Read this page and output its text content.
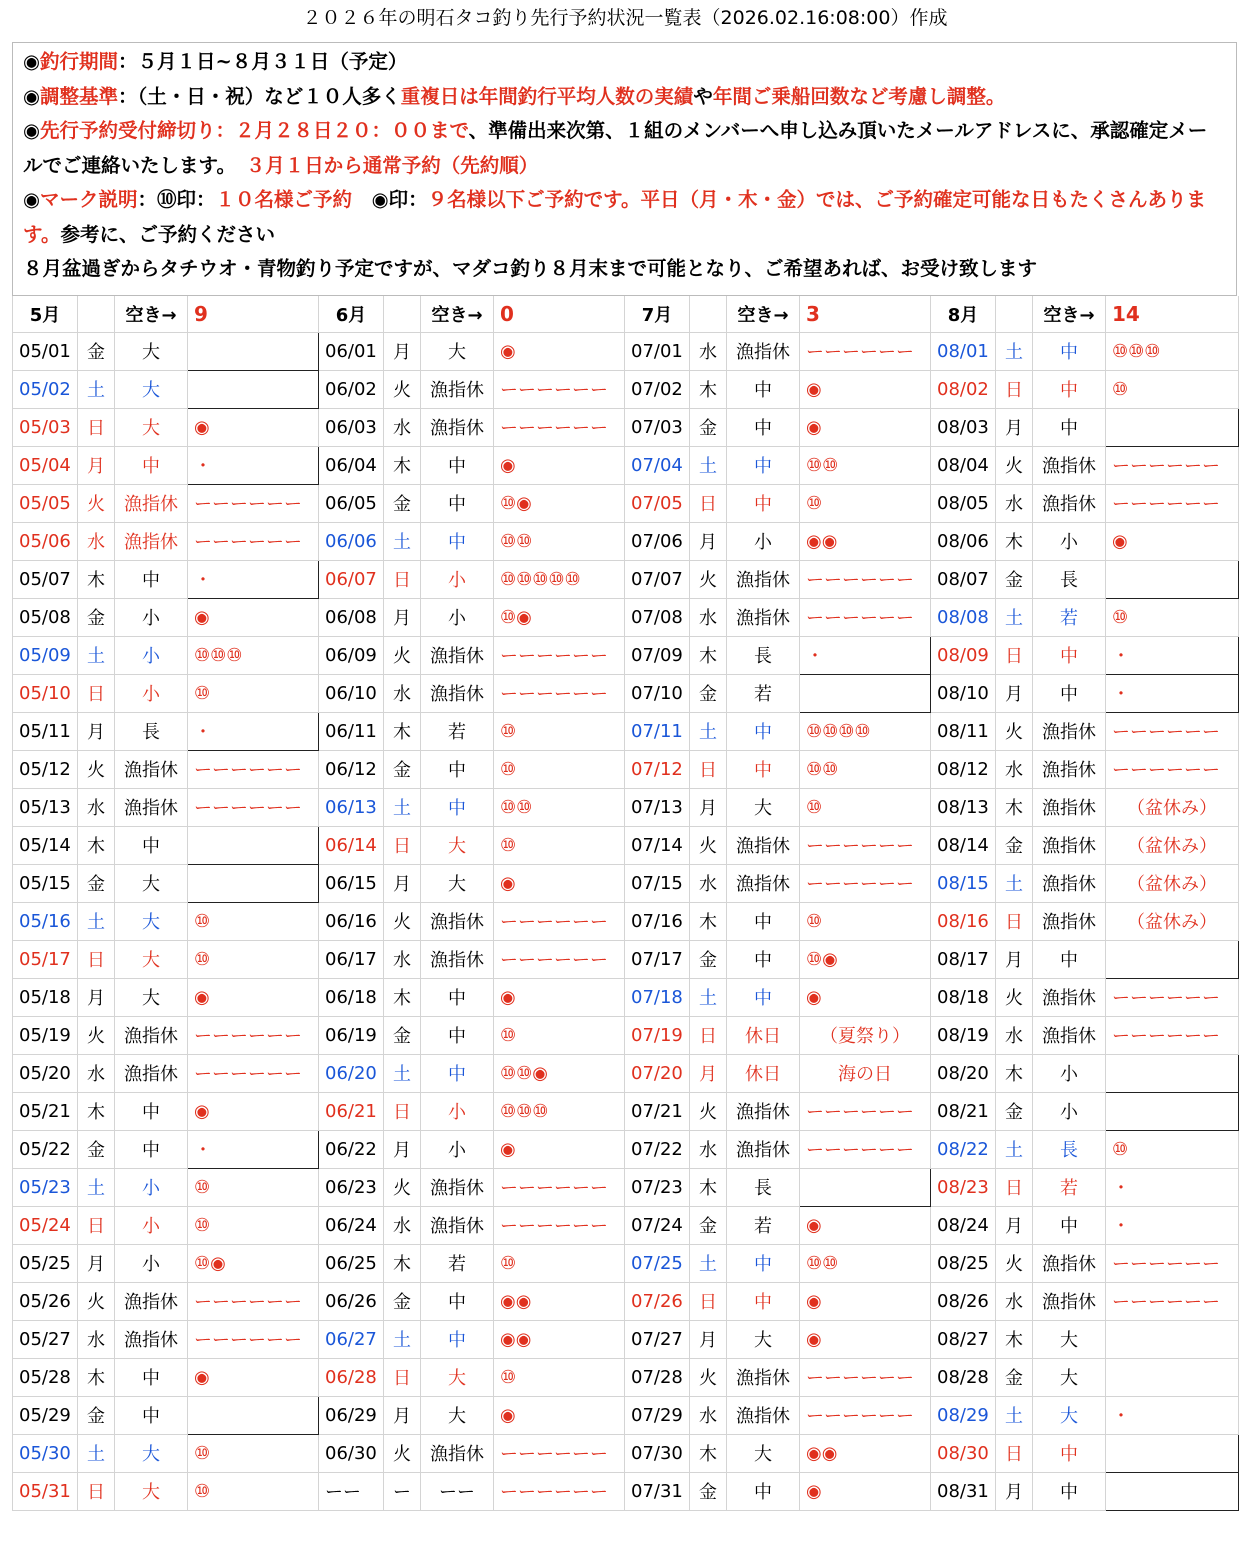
２０２６年の明石タコ釣り先行予約状況一覧表（2026.02.16:08:00）作成
◉釣行期間：５月１日~８月３１日（予定）
◉調整基準：（土・日・祝）など１０人多く重複日は年間釣行平均人数の実績や年間ご乗船回数など考慮し調整。
◉先行予約受付締切り：２月２８日２０：００まで、準備出来次第、１組のメンバーへ申し込み頂いたメールアドレスに、承認確定メールでご連絡いたします。　 ３月１日から通常予約（先約順）
◉マーク説明：⑩印：１０名様ご予約　 ◉印：９名様以下ご予約です。平日（月・木・金）では、ご予約確定可能な日もたくさんあります。参考に、ご予約ください
８月盆過ぎからタチウオ・青物釣り予定ですが、マダコ釣り８月末まで可能となり、ご希望あれば、お受け致します
5月		空き→	9	6月		空き→	0	7月		空き→	3	8月		空き→	14
05/01	金	大		06/01	月	大	◉	07/01	水	漁指休	ーーーーーー	08/01	土	中	⑩⑩⑩
05/02	土	大		06/02	火	漁指休	ーーーーーー	07/02	木	中	◉	08/02	日	中	⑩
05/03	日	大	◉	06/03	水	漁指休	ーーーーーー	07/03	金	中	◉	08/03	月	中	
05/04	月	中	・	06/04	木	中	◉	07/04	土	中	⑩⑩	08/04	火	漁指休	ーーーーーー
05/05	火	漁指休	ーーーーーー	06/05	金	中	⑩◉	07/05	日	中	⑩	08/05	水	漁指休	ーーーーーー
05/06	水	漁指休	ーーーーーー	06/06	土	中	⑩⑩	07/06	月	小	◉◉	08/06	木	小	◉
05/07	木	中	・	06/07	日	小	⑩⑩⑩⑩⑩	07/07	火	漁指休	ーーーーーー	08/07	金	長	
05/08	金	小	◉	06/08	月	小	⑩◉	07/08	水	漁指休	ーーーーーー	08/08	土	若	⑩
05/09	土	小	⑩⑩⑩	06/09	火	漁指休	ーーーーーー	07/09	木	長	・	08/09	日	中	・
05/10	日	小	⑩	06/10	水	漁指休	ーーーーーー	07/10	金	若		08/10	月	中	・
05/11	月	長	・	06/11	木	若	⑩	07/11	土	中	⑩⑩⑩⑩	08/11	火	漁指休	ーーーーーー
05/12	火	漁指休	ーーーーーー	06/12	金	中	⑩	07/12	日	中	⑩⑩	08/12	水	漁指休	ーーーーーー
05/13	水	漁指休	ーーーーーー	06/13	土	中	⑩⑩	07/13	月	大	⑩	08/13	木	漁指休	（盆休み）
05/14	木	中		06/14	日	大	⑩	07/14	火	漁指休	ーーーーーー	08/14	金	漁指休	（盆休み）
05/15	金	大		06/15	月	大	◉	07/15	水	漁指休	ーーーーーー	08/15	土	漁指休	（盆休み）
05/16	土	大	⑩	06/16	火	漁指休	ーーーーーー	07/16	木	中	⑩	08/16	日	漁指休	（盆休み）
05/17	日	大	⑩	06/17	水	漁指休	ーーーーーー	07/17	金	中	⑩◉	08/17	月	中	
05/18	月	大	◉	06/18	木	中	◉	07/18	土	中	◉	08/18	火	漁指休	ーーーーーー
05/19	火	漁指休	ーーーーーー	06/19	金	中	⑩	07/19	日	休日	（夏祭り）	08/19	水	漁指休	ーーーーーー
05/20	水	漁指休	ーーーーーー	06/20	土	中	⑩⑩◉	07/20	月	休日	海の日	08/20	木	小	
05/21	木	中	◉	06/21	日	小	⑩⑩⑩	07/21	火	漁指休	ーーーーーー	08/21	金	小	
05/22	金	中	・	06/22	月	小	◉	07/22	水	漁指休	ーーーーーー	08/22	土	長	⑩
05/23	土	小	⑩	06/23	火	漁指休	ーーーーーー	07/23	木	長		08/23	日	若	・
05/24	日	小	⑩	06/24	水	漁指休	ーーーーーー	07/24	金	若	◉	08/24	月	中	・
05/25	月	小	⑩◉	06/25	木	若	⑩	07/25	土	中	⑩⑩	08/25	火	漁指休	ーーーーーー
05/26	火	漁指休	ーーーーーー	06/26	金	中	◉◉	07/26	日	中	◉	08/26	水	漁指休	ーーーーーー
05/27	水	漁指休	ーーーーーー	06/27	土	中	◉◉	07/27	月	大	◉	08/27	木	大	
05/28	木	中	◉	06/28	日	大	⑩	07/28	火	漁指休	ーーーーーー	08/28	金	大	
05/29	金	中		06/29	月	大	◉	07/29	水	漁指休	ーーーーーー	08/29	土	大	・
05/30	土	大	⑩	06/30	火	漁指休	ーーーーーー	07/30	木	大	◉◉	08/30	日	中	
05/31	日	大	⑩	ーー	ー	ーー	ーーーーーー	07/31	金	中	◉	08/31	月	中	
